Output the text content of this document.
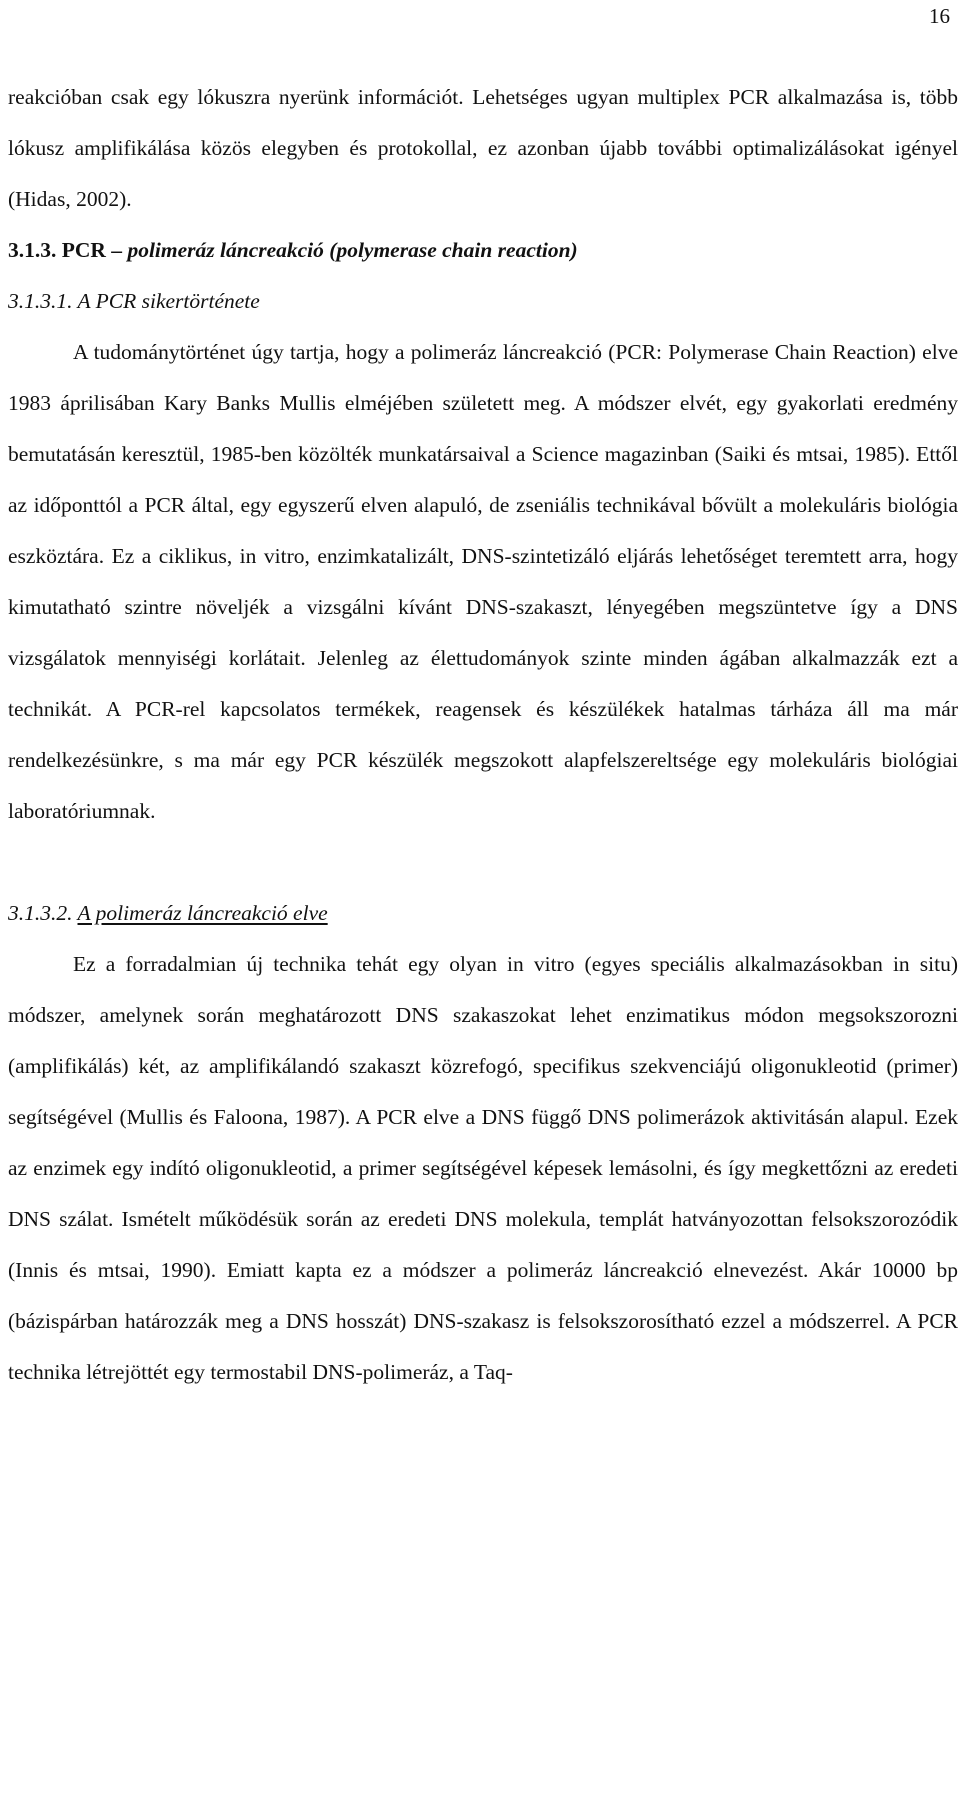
16

reakcióban csak egy lókuszra nyerünk információt. Lehetséges ugyan multiplex PCR alkalmazása is, több lókusz amplifikálása közös elegyben és protokollal, ez azonban újabb további optimalizálásokat igényel (Hidas, 2002).

3.1.3. PCR – polimeráz láncreakció (polymerase chain reaction)

3.1.3.1. A PCR sikertörténete

A tudománytörténet úgy tartja, hogy a polimeráz láncreakció (PCR: Polymerase Chain Reaction) elve 1983 áprilisában Kary Banks Mullis elméjében született meg. A módszer elvét, egy gyakorlati eredmény bemutatásán keresztül, 1985-ben közölték munkatársaival a Science magazinban (Saiki és mtsai, 1985). Ettől az időponttól a PCR által, egy egyszerű elven alapuló, de zseniális technikával bővült a molekuláris biológia eszköztára. Ez a ciklikus, in vitro, enzimkatalizált, DNS-szintetizáló eljárás lehetőséget teremtett arra, hogy kimutatható szintre növeljék a vizsgálni kívánt DNS-szakaszt, lényegében megszüntetve így a DNS vizsgálatok mennyiségi korlátait. Jelenleg az élettudományok szinte minden ágában alkalmazzák ezt a technikát. A PCR-rel kapcsolatos termékek, reagensek és készülékek hatalmas tárháza áll ma már rendelkezésünkre, s ma már egy PCR készülék megszokott alapfelszereltsége egy molekuláris biológiai laboratóriumnak.

3.1.3.2. A polimeráz láncreakció elve

Ez a forradalmian új technika tehát egy olyan in vitro (egyes speciális alkalmazásokban in situ) módszer, amelynek során meghatározott DNS szakaszokat lehet enzimatikus módon megsokszorozni (amplifikálás) két, az amplifikálandó szakaszt közrefogó, specifikus szekvenciájú oligonukleotid (primer) segítségével (Mullis és Faloona, 1987). A PCR elve a DNS függő DNS polimerázok aktivitásán alapul. Ezek az enzimek egy indító oligonukleotid, a primer segítségével képesek lemásolni, és így megkettőzni az eredeti DNS szálat. Ismételt működésük során az eredeti DNS molekula, templát hatványozottan felsokszorozódik (Innis és mtsai, 1990). Emiatt kapta ez a módszer a polimeráz láncreakció elnevezést. Akár 10000 bp (bázispárban határozzák meg a DNS hosszát) DNS-szakasz is felsokszorosítható ezzel a módszerrel. A PCR technika létrejöttét egy termostabil DNS-polimeráz, a Taq-
